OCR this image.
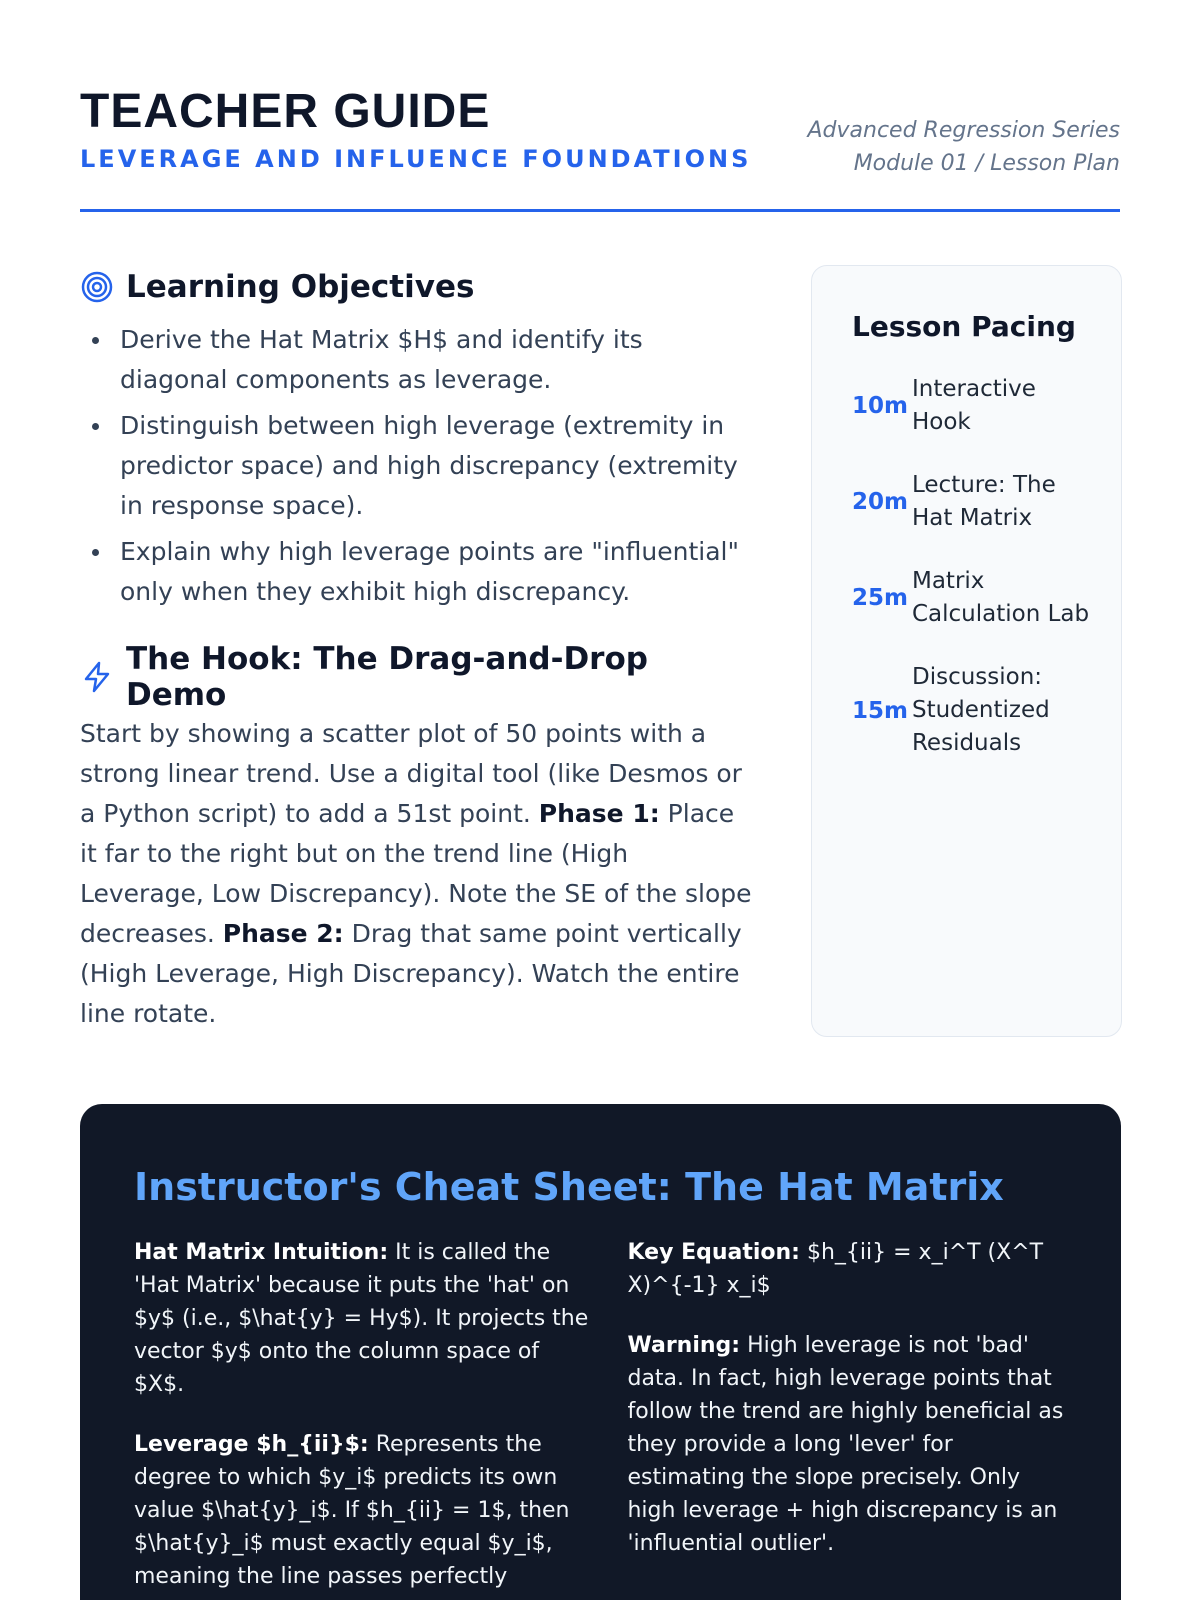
TEACHER GUIDE
LEVERAGE AND INFLUENCE FOUNDATIONS
Advanced Regression Series
Module 01 / Lesson Plan
Learning Objectives
Derive the Hat Matrix $H$ and identify its diagonal components as leverage.
Distinguish between high leverage (extremity in predictor space) and high discrepancy (extremity in response space).
Explain why high leverage points are "influential" only when they exhibit high discrepancy.
The Hook: The Drag-and-Drop Demo

Start by showing a scatter plot of 50 points with a strong linear trend. Use a digital tool (like Desmos or a Python script) to add a 51st point. Phase 1: Place it far to the right but on the trend line (High Leverage, Low Discrepancy). Note the SE of the slope decreases. Phase 2: Drag that same point vertically (High Leverage, High Discrepancy). Watch the entire line rotate.

Lesson Pacing
10m
Interactive Hook
20m
Lecture: The Hat Matrix
25m
Matrix Calculation Lab
15m
Discussion: Studentized Residuals
Instructor's Cheat Sheet: The Hat Matrix

Hat Matrix Intuition: It is called the 'Hat Matrix' because it puts the 'hat' on $y$ (i.e., $\hat{y} = Hy$). It projects the vector $y$ onto the column space of $X$.

Leverage $h_{ii}$: Represents the degree to which $y_i$ predicts its own value $\hat{y}_i$. If $h_{ii} = 1$, then $\hat{y}_i$ must exactly equal $y_i$, meaning the line passes perfectly

Key Equation: $h_{ii} = x_i^T (X^T X)^{-1} x_i$

Warning: High leverage is not 'bad' data. In fact, high leverage points that follow the trend are highly beneficial as they provide a long 'lever' for estimating the slope precisely. Only high leverage + high discrepancy is an 'influential outlier'.
